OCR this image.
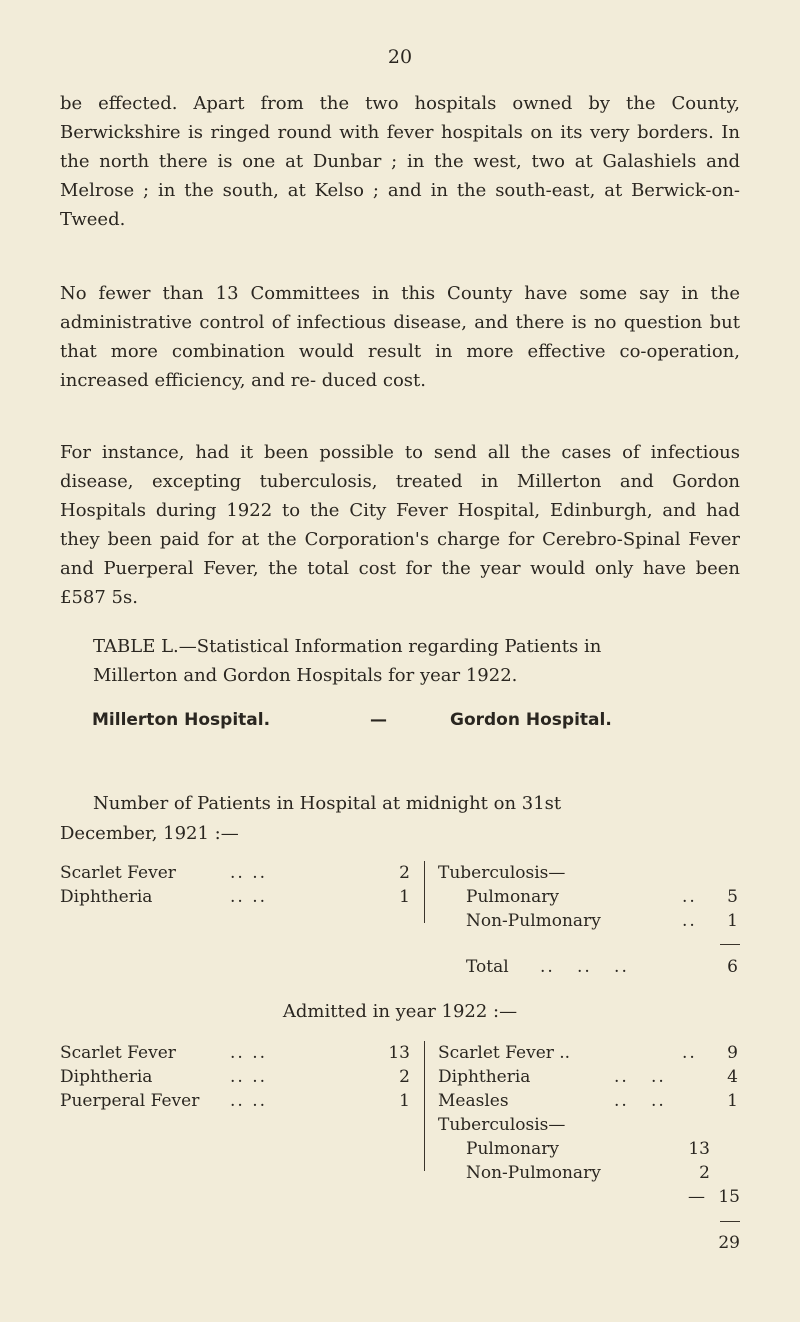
20

be effected. Apart from the two hospitals owned by the County, Berwickshire is ringed round with fever hospitals on its very borders. In the north there is one at Dunbar ; in the west, two at Galashiels and Melrose ; in the south, at Kelso ; and in the south-east, at Berwick-on-Tweed.

No fewer than 13 Committees in this County have some say in the administrative control of infectious disease, and there is no question but that more combination would result in more effective co-operation, increased efficiency, and re- duced cost.

For instance, had it been possible to send all the cases of infectious disease, excepting tuberculosis, treated in Millerton and Gordon Hospitals during 1922 to the City Fever Hospital, Edinburgh, and had they been paid for at the Corporation's charge for Cerebro-Spinal Fever and Puerperal Fever, the total cost for the year would only have been £587 5s.

TABLE L.—Statistical Information regarding Patients in
Millerton and Gordon Hospitals for year 1922.
Millerton Hospital.	—	Gordon Hospital.
Number of Patients in Hospital at midnight on 31st
December, 1921 :—
Scarlet Fever	.. ..	2
Diphtheria	.. ..	1
Tuberculosis—
Pulmonary	..	5
Non-Pulmonary	..	1
Total ..   ..   ..	6
Admitted in year 1922 :—
Scarlet Fever	.. ..	13
Diphtheria	.. ..	2
Puerperal Fever .. ..	1
Scarlet Fever ..	..	9
Diphtheria	..   ..	4
Measles	..   ..	1
Tuberculosis—
Pulmonary	13
Non-Pulmonary	2
— 15
29
